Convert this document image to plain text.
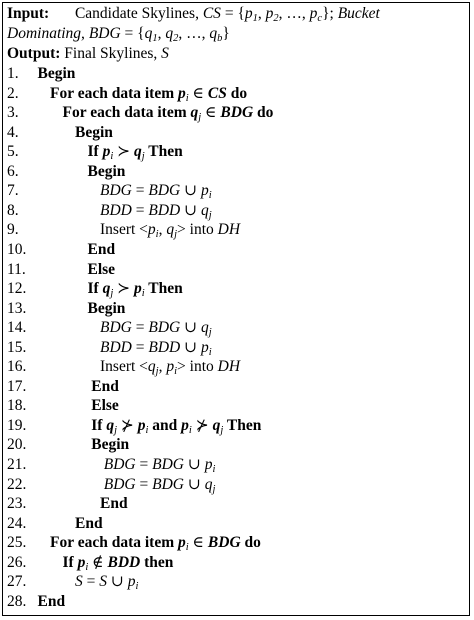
Input: Candidate Skylines, CS = {$p_1$, $p_2$, …, $p_c$}; Bucket
Dominating, BDG = {$q_1$, $q_2$, …, $q_b$}
Output: Final Skylines, S
1.	Begin
2.	For each data item $p_i$ ∈ CS do
3.	For each data item $q_j$ ∈ BDG do
4.	Begin
5.	If $p_i$ ≻ $q_j$ Then
6.	Begin
7.	BDG = BDG ∪ $p_i$
8.	BDD = BDD ∪ $q_j$
9.	Insert $<p_i$, $q_j>$ into DH
10.	End
11.	Else
12.	If $q_j$ ≻ $p_i$ Then
13.	Begin
14.	BDG = BDG ∪ $q_j$
15.	BDD = BDD ∪ $p_i$
16.	Insert $<q_j$, $p_i>$ into DH
17.	End
18.	Else
19.	If $q_j$ ⊁ $p_i$ and $p_i$ ⊁ $q_j$ Then
20.	Begin
21.	BDG = BDG ∪ $p_i$
22.	BDG = BDG ∪ $q_j$
23.	End
24.	End
25.	For each data item $p_i$ ∈ BDG do
26.	If $p_i$ ∉ BDD then
27.	S = S ∪ $p_i$
28. End
